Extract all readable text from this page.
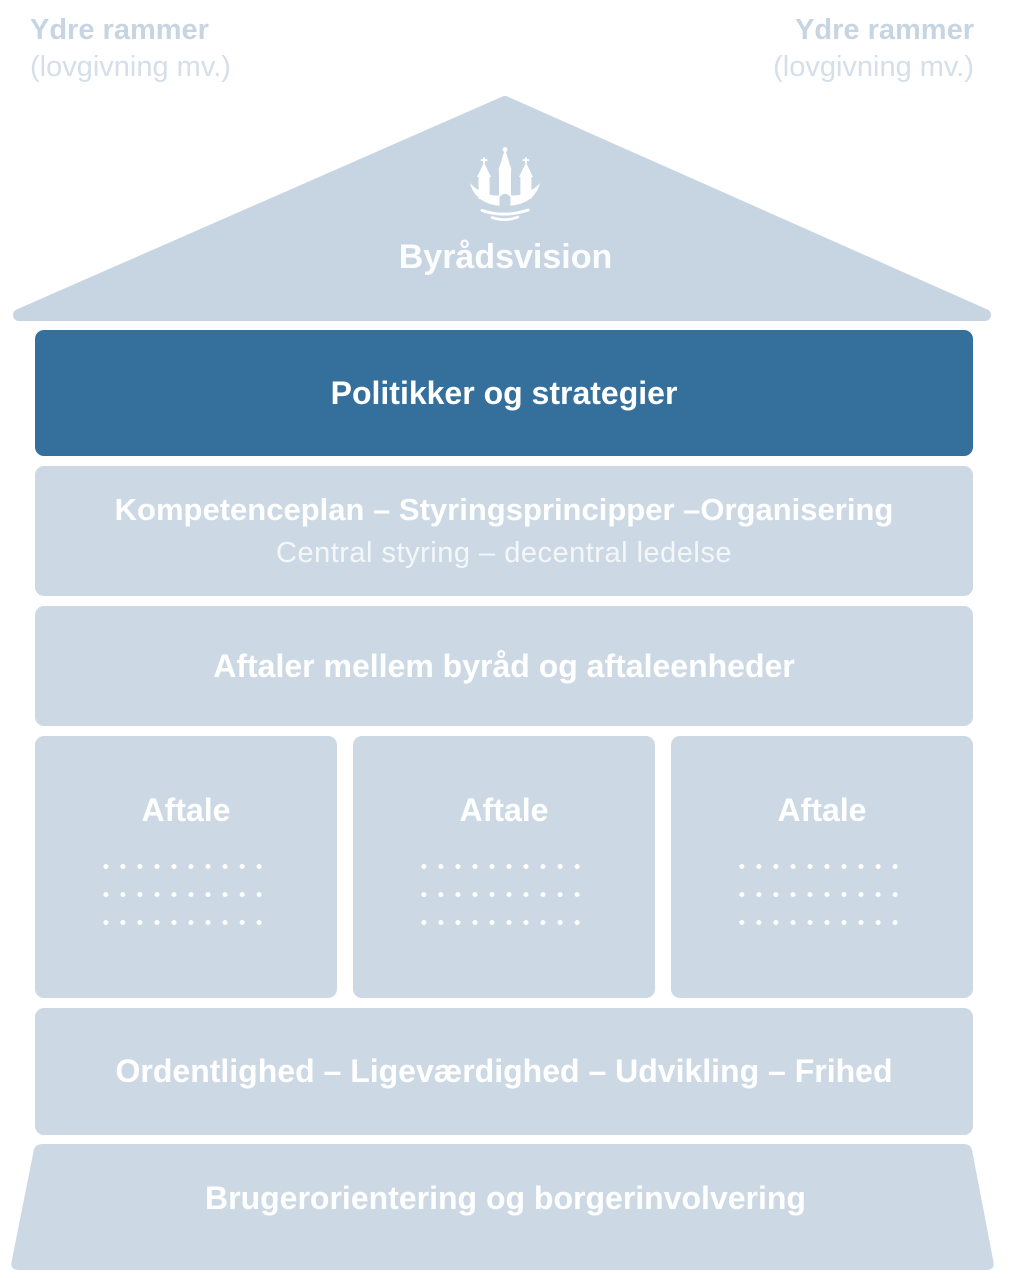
Ydre rammer
(lovgivning mv.)
Ydre rammer
(lovgivning mv.)
Byrådsvision
Politikker og strategier
Kompetenceplan – Styringsprincipper –Organisering
Central styring – decentral ledelse
Aftaler mellem byråd og aftaleenheder
Aftale
••••••••••
••••••••••
••••••••••
Aftale
••••••••••
••••••••••
••••••••••
Aftale
••••••••••
••••••••••
••••••••••
Ordentlighed – Ligeværdighed – Udvikling – Frihed
Brugerorientering og borgerinvolvering
